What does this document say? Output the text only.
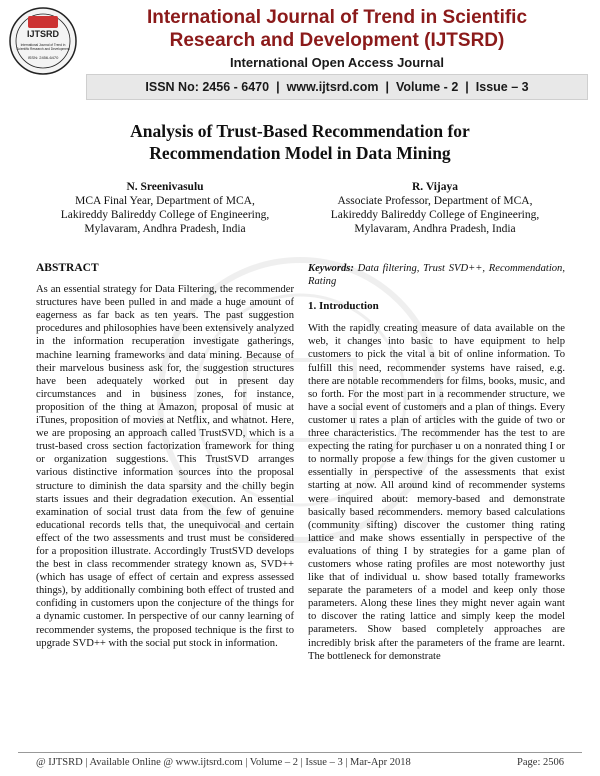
IJTSRD
International Journal of Trend in
Scientific Research and Development
ISSN: 2456-6470
International Journal of Trend in Scientific
Research and Development (IJTSRD)
International Open Access Journal
ISSN No: 2456 - 6470 | www.ijtsrd.com | Volume - 2 | Issue – 3
Analysis of Trust-Based Recommendation for
Recommendation Model in Data Mining
N. Sreenivasulu
MCA Final Year, Department of MCA,
Lakireddy Balireddy College of Engineering,
Mylavaram, Andhra Pradesh, India
R. Vijaya
Associate Professor, Department of MCA,
Lakireddy Balireddy College of Engineering,
Mylavaram, Andhra Pradesh, India
ABSTRACT

As an essential strategy for Data Filtering, the recommender structures have been pulled in and made a huge amount of eagerness as far back as ten years. The past suggestion procedures and philosophies have been extensively analyzed in the information recuperation investigate gatherings, machine learning frameworks and data mining. Because of their marvelous business ask for, the suggestion structures have been adequately worked out in present day circumstances and in business zones, for instance, proposition of the thing at Amazon, proposal of music at iTunes, proposition of movies at Netflix, and whatnot. Here, we are proposing an approach called TrustSVD, which is a trust-based cross section factorization framework for thing or organization suggestions. This TrustSVD arranges various distinctive information sources into the proposal structure to diminish the data sparsity and the chilly begin starts issues and their degradation execution. An essential examination of social trust data from the few of genuine educational records tells that, the unequivocal and certain effect of the two assessments and trust must be considered for a proposition illustrate. Accordingly TrustSVD develops the best in class recommender strategy known as, SVD++ (which has usage of effect of certain and express assessed things), by additionally combining both effect of trusted and confiding in customers upon the conjecture of the things for a dynamic customer. In perspective of our canny learning of recommender systems, the proposed technique is the first to upgrade SVD++ with the social put stock in information.

Keywords: Data filtering, Trust SVD++, Recommendation, Rating
1. Introduction

With the rapidly creating measure of data available on the web, it changes into basic to have equipment to help customers to pick the vital a bit of online information. To fulfill this need, recommender systems have raised, e.g. there are notable recommenders for films, books, music, and so forth. For the most part in a recommender structure, we have a social event of customers and a plan of things. Every customer u rates a plan of articles with the guide of two or three characteristics. The recommender has the test to are expecting the rating for purchaser u on a nonrated thing I or to normally propose a few things for the given customer u essentially in perspective of the assessments that exist starting at now. All around kind of recommender systems were inquired about: memory-based and demonstrate basically based recommenders. memory based calculations (community sifting) discover the customer thing rating lattice and make shows essentially in perspective of the evaluations of thing I by strategies for a game plan of customers whose rating profiles are most noteworthy just like that of individual u. show based totally frameworks separate the parameters of a model and keep only those parameters. Along these lines they might never again want to discover the rating lattice and simply keep the model parameters. Show based completely approaches are incredibly brisk after the parameters of the frame are learnt. The bottleneck for demonstrate

@ IJTSRD | Available Online @ www.ijtsrd.com | Volume – 2 | Issue – 3 | Mar-Apr 2018	Page: 2506
